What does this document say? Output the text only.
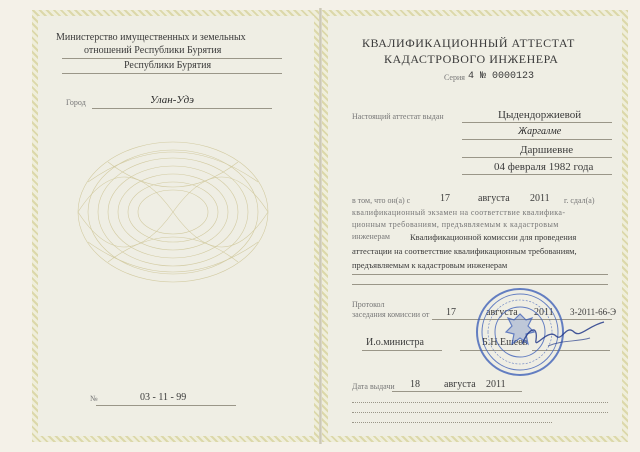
Министерство имущественных и земельных
отношений Республики Бурятия
Республики Бурятия
Город	Улан-Удэ
№	03 - 11 - 99
КВАЛИФИКАЦИОННЫЙ АТТЕСТАТ
КАДАСТРОВОГО ИНЖЕНЕРА
Серия 4 № 0000123
Настоящий аттестат выдан	Цыдендоржиевой
Жаргалме
Даршиевне
04 февраля 1982 года
в том, что он(а) с	17	августа 2011 г. сдал(а)
квалификационный экзамен на соответствие квалифика-
ционным требованиям, предъявляемым к кадастровым
инженерам Квалификационной комиссии для проведения
аттестации на соответствие квалификационным требованиям,
предъявляемым к кадастровым инженерам
Протокол
заседания комиссии от 17	августа 2011 3-2011-66-Э
И.о.министра	Б.Н.Ешеев
Дата выдачи 18 августа 2011
